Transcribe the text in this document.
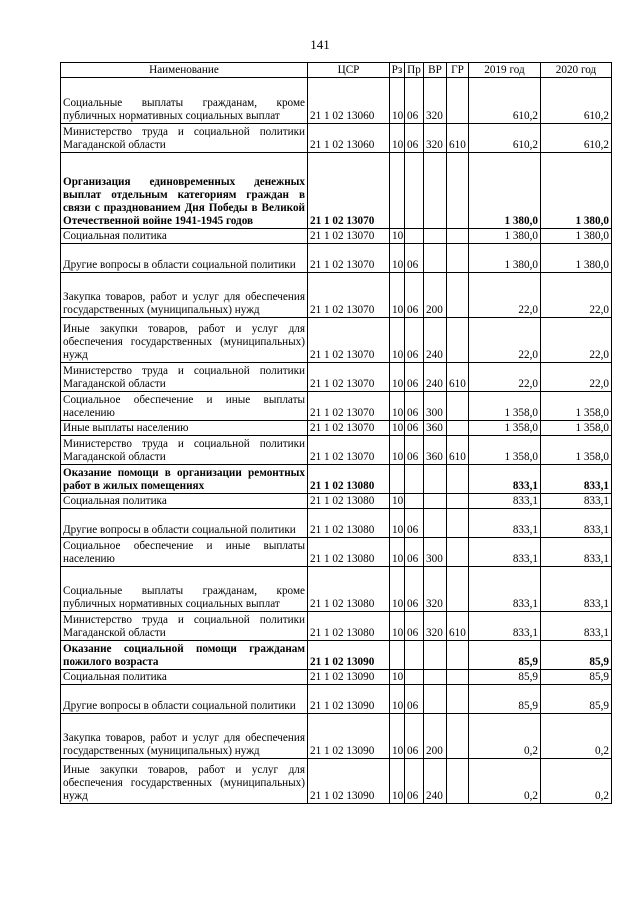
141
Наименование	ЦСР	Рз	Пр	ВР	ГР	2019 год	2020 год
Социальные выплаты гражданам, кроме публичных нормативных социальных выплат	21 1 02 13060	10	06	320		610,2	610,2
Министерство труда и социальной политики Магаданской области	21 1 02 13060	10	06	320	610	610,2	610,2
Организация единовременных денежных выплат отдельным категориям граждан в связи с празднованием Дня Победы в Великой Отечественной войне 1941-1945 годов	21 1 02 13070					1 380,0	1 380,0
Социальная политика	21 1 02 13070	10				1 380,0	1 380,0
Другие вопросы в области социальной политики	21 1 02 13070	10	06			1 380,0	1 380,0
Закупка товаров, работ и услуг для обеспечения государственных (муниципальных) нужд	21 1 02 13070	10	06	200		22,0	22,0
Иные закупки товаров, работ и услуг для обеспечения государственных (муниципальных) нужд	21 1 02 13070	10	06	240		22,0	22,0
Министерство труда и социальной политики Магаданской области	21 1 02 13070	10	06	240	610	22,0	22,0
Социальное обеспечение и иные выплаты населению	21 1 02 13070	10	06	300		1 358,0	1 358,0
Иные выплаты населению	21 1 02 13070	10	06	360		1 358,0	1 358,0
Министерство труда и социальной политики Магаданской области	21 1 02 13070	10	06	360	610	1 358,0	1 358,0
Оказание помощи в организации ремонтных работ в жилых помещениях	21 1 02 13080					833,1	833,1
Социальная политика	21 1 02 13080	10				833,1	833,1
Другие вопросы в области социальной политики	21 1 02 13080	10	06			833,1	833,1
Социальное обеспечение и иные выплаты населению	21 1 02 13080	10	06	300		833,1	833,1
Социальные выплаты гражданам, кроме публичных нормативных социальных выплат	21 1 02 13080	10	06	320		833,1	833,1
Министерство труда и социальной политики Магаданской области	21 1 02 13080	10	06	320	610	833,1	833,1
Оказание социальной помощи гражданам пожилого возраста	21 1 02 13090					85,9	85,9
Социальная политика	21 1 02 13090	10				85,9	85,9
Другие вопросы в области социальной политики	21 1 02 13090	10	06			85,9	85,9
Закупка товаров, работ и услуг для обеспечения государственных (муниципальных) нужд	21 1 02 13090	10	06	200		0,2	0,2
Иные закупки товаров, работ и услуг для обеспечения государственных (муниципальных) нужд	21 1 02 13090	10	06	240		0,2	0,2
